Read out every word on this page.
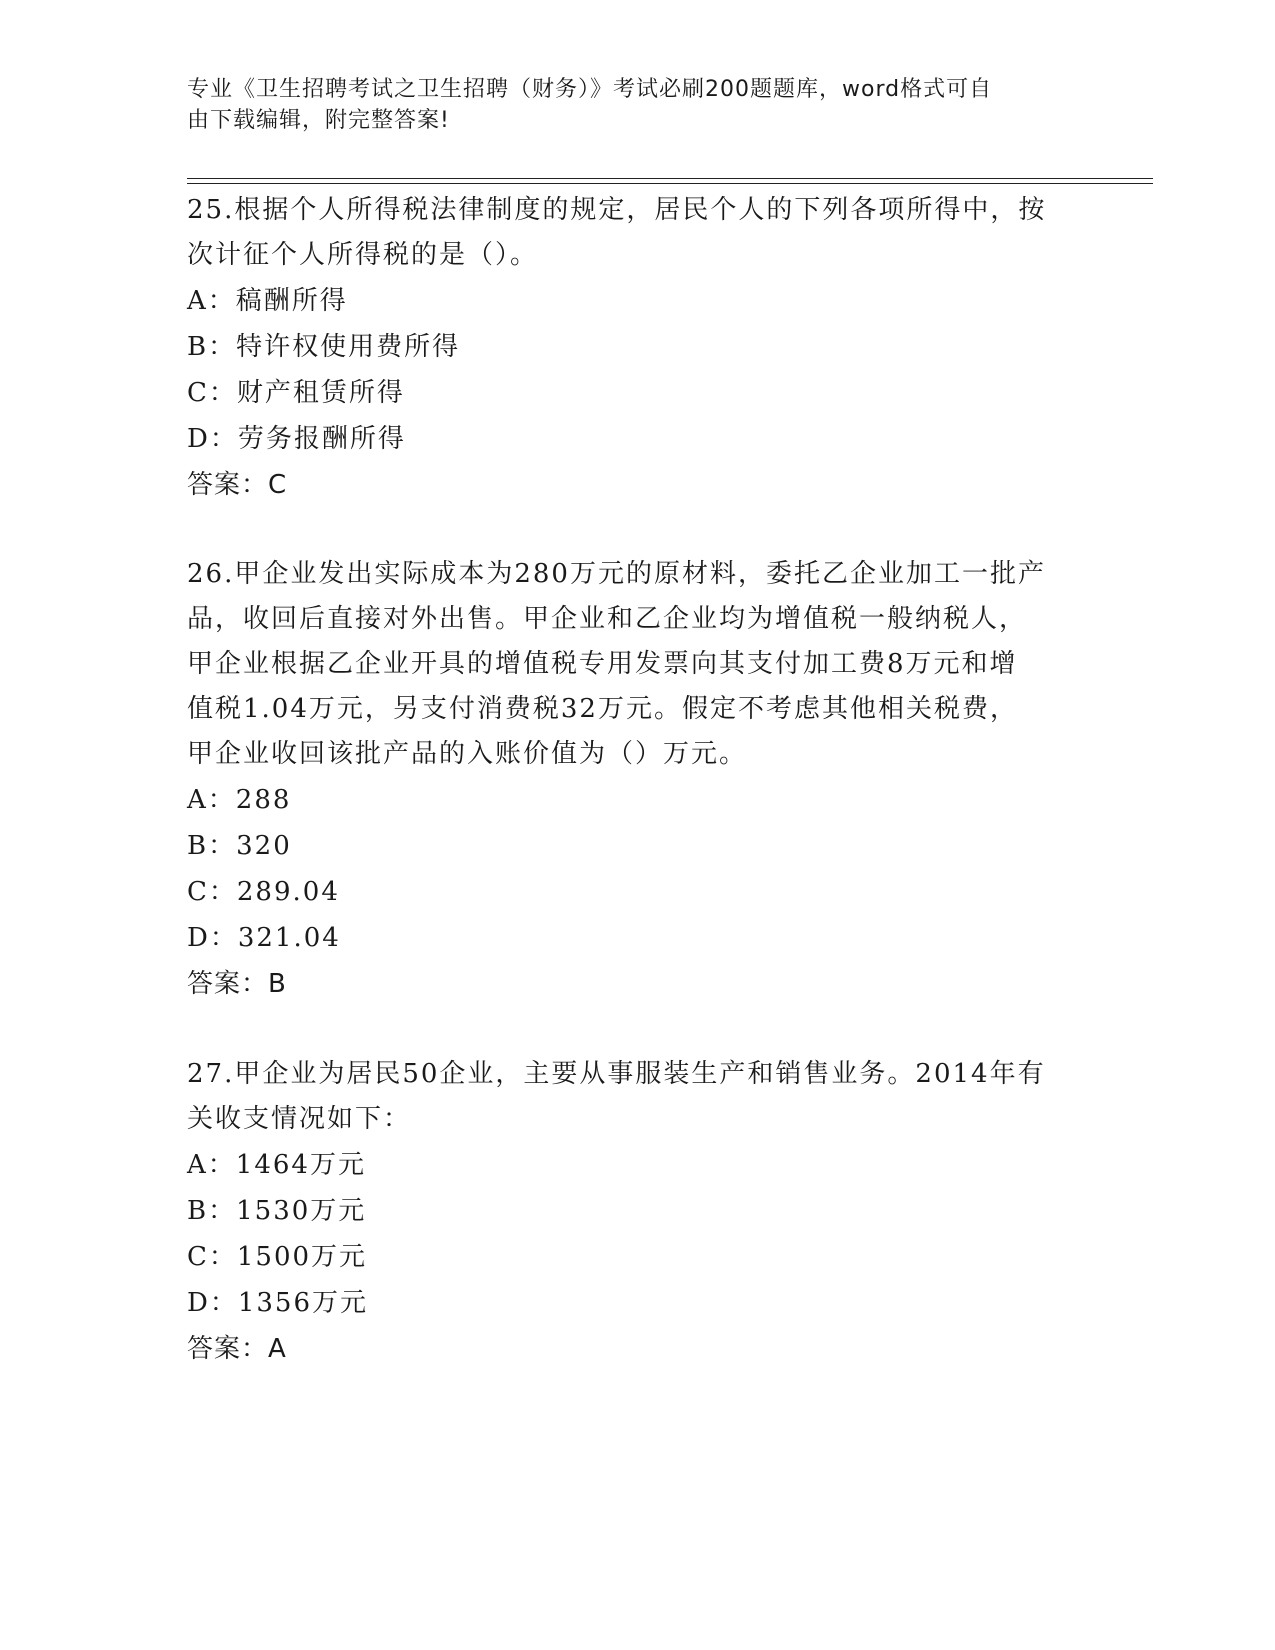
专业《卫生招聘考试之卫生招聘（财务）》考试必刷200题题库，word格式可自
由下载编辑，附完整答案!
25.根据个人所得税法律制度的规定，居民个人的下列各项所得中，按
次计征个人所得税的是（）。
A：稿酬所得
B：特许权使用费所得
C：财产租赁所得
D：劳务报酬所得
答案：C
26.甲企业发出实际成本为280万元的原材料，委托乙企业加工一批产
品，收回后直接对外出售。甲企业和乙企业均为增值税一般纳税人，
甲企业根据乙企业开具的增值税专用发票向其支付加工费8万元和增
值税1.04万元，另支付消费税32万元。假定不考虑其他相关税费，
甲企业收回该批产品的入账价值为（）万元。
A：288
B：320
C：289.04
D：321.04
答案：B
27.甲企业为居民50企业，主要从事服装生产和销售业务。2014年有
关收支情况如下：
A：1464万元
B：1530万元
C：1500万元
D：1356万元
答案：A
